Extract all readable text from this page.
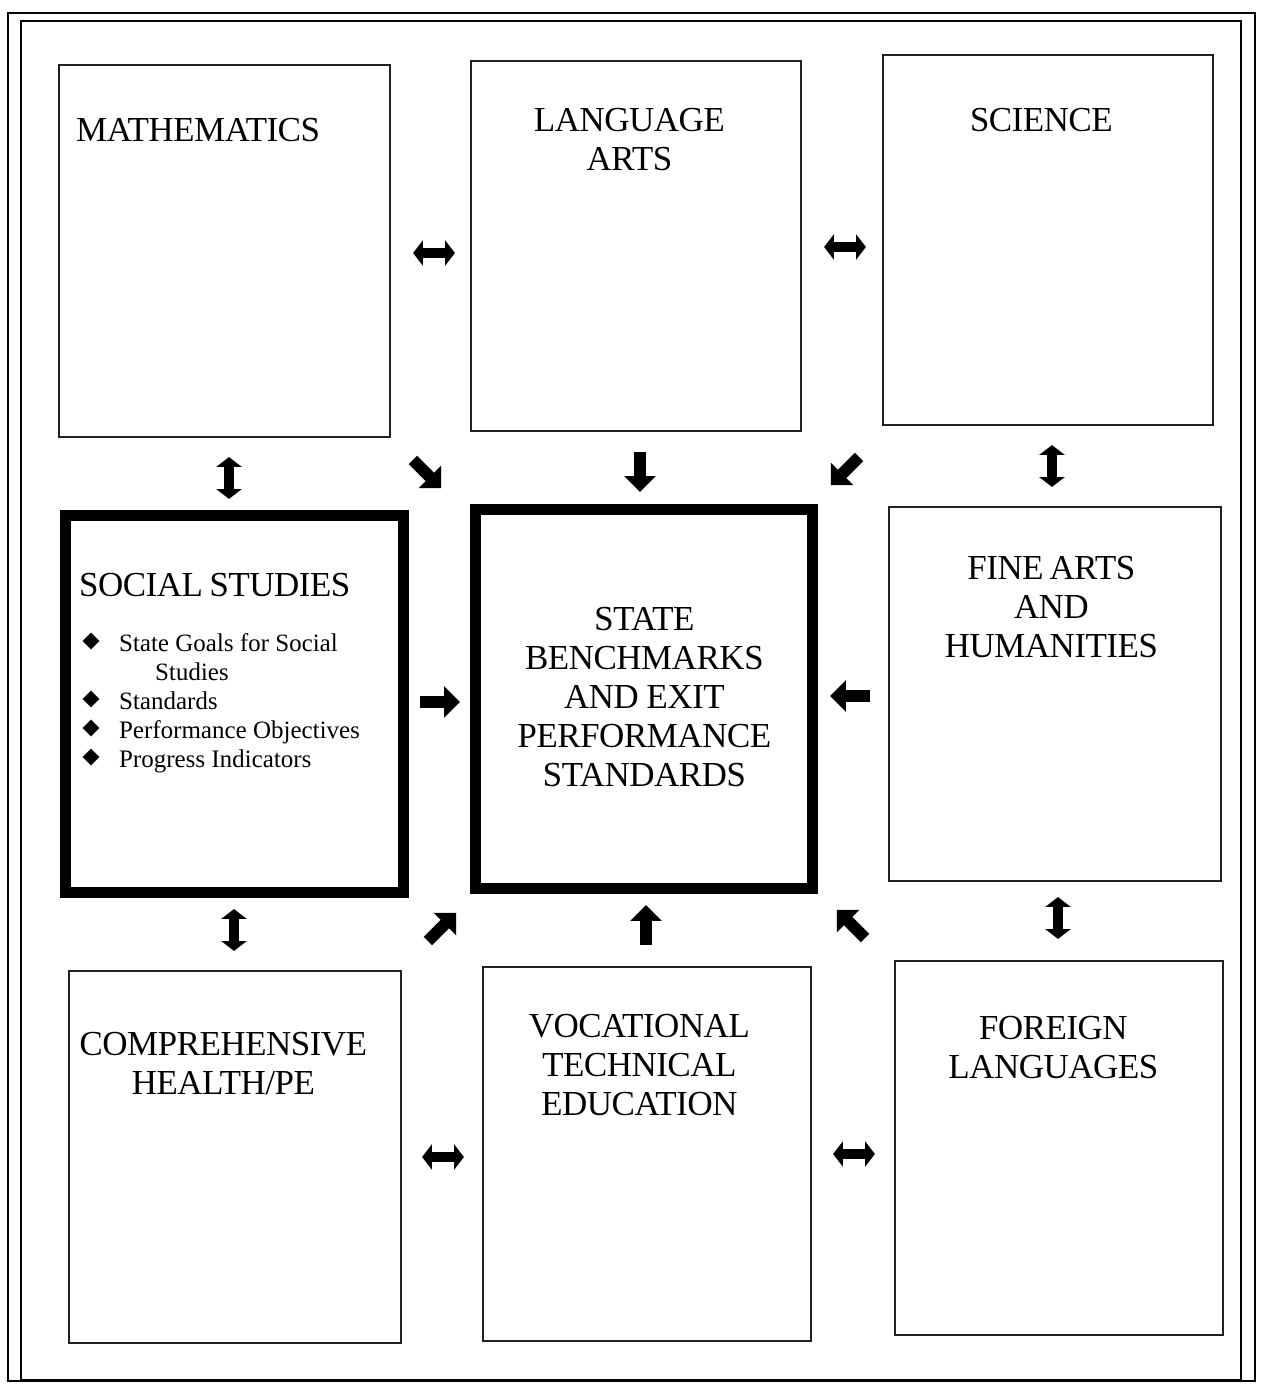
MATHEMATICS	LANGUAGE
ARTS
SCIENCE
SOCIAL STUDIES
State Goals for Social
Studies
Standards
Performance Objectives
Progress Indicators
STATE
BENCHMARKS
AND EXIT
PERFORMANCE
STANDARDS
FINE ARTS
AND
HUMANITIES
COMPREHENSIVE
HEALTH/PE
VOCATIONAL
TECHNICAL
EDUCATION
FOREIGN
LANGUAGES
